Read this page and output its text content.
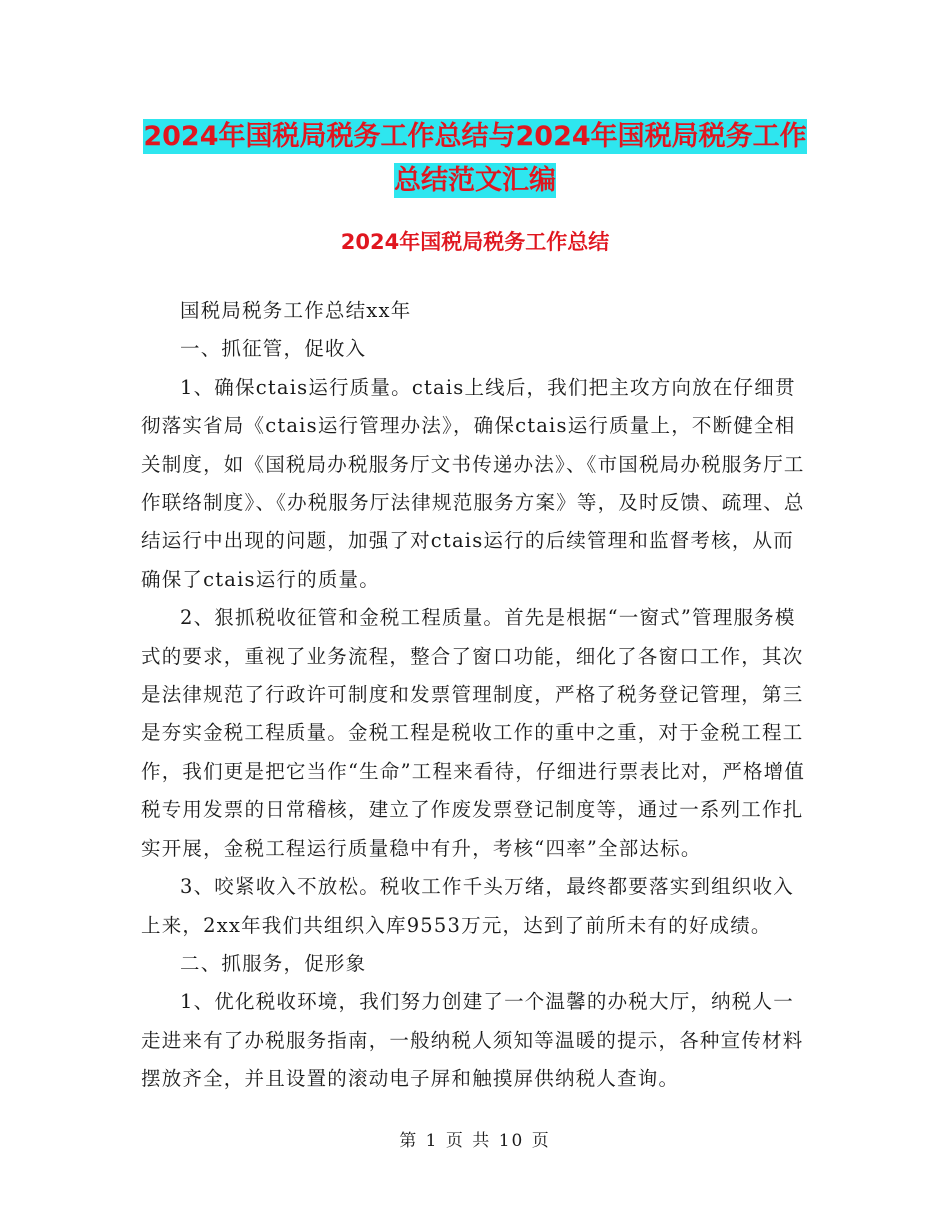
2024年国税局税务工作总结与2024年国税局税务工作
总结范文汇编
2024年国税局税务工作总结

国税局税务工作总结xx年

一、抓征管，促收入

1、确保ctais运行质量。ctais上线后，我们把主攻方向放在仔细贯彻落实省局《ctais运行管理办法》，确保ctais运行质量上，不断健全相关制度，如《国税局办税服务厅文书传递办法》、《市国税局办税服务厅工作联络制度》、《办税服务厅法律规范服务方案》等，及时反馈、疏理、总结运行中出现的问题，加强了对ctais运行的后续管理和监督考核，从而确保了ctais运行的质量。

2、狠抓税收征管和金税工程质量。首先是根据“一窗式”管理服务模式的要求，重视了业务流程，整合了窗口功能，细化了各窗口工作，其次是法律规范了行政许可制度和发票管理制度，严格了税务登记管理，第三是夯实金税工程质量。金税工程是税收工作的重中之重，对于金税工程工作，我们更是把它当作“生命”工程来看待，仔细进行票表比对，严格增值税专用发票的日常稽核，建立了作废发票登记制度等，通过一系列工作扎实开展，金税工程运行质量稳中有升，考核“四率”全部达标。

3、咬紧收入不放松。税收工作千头万绪，最终都要落实到组织收入上来，2xx年我们共组织入库9553万元，达到了前所未有的好成绩。

二、抓服务，促形象

1、优化税收环境，我们努力创建了一个温馨的办税大厅，纳税人一走进来有了办税服务指南，一般纳税人须知等温暖的提示，各种宣传材料摆放齐全，并且设置的滚动电子屏和触摸屏供纳税人查询。

第 1 页 共 10 页
